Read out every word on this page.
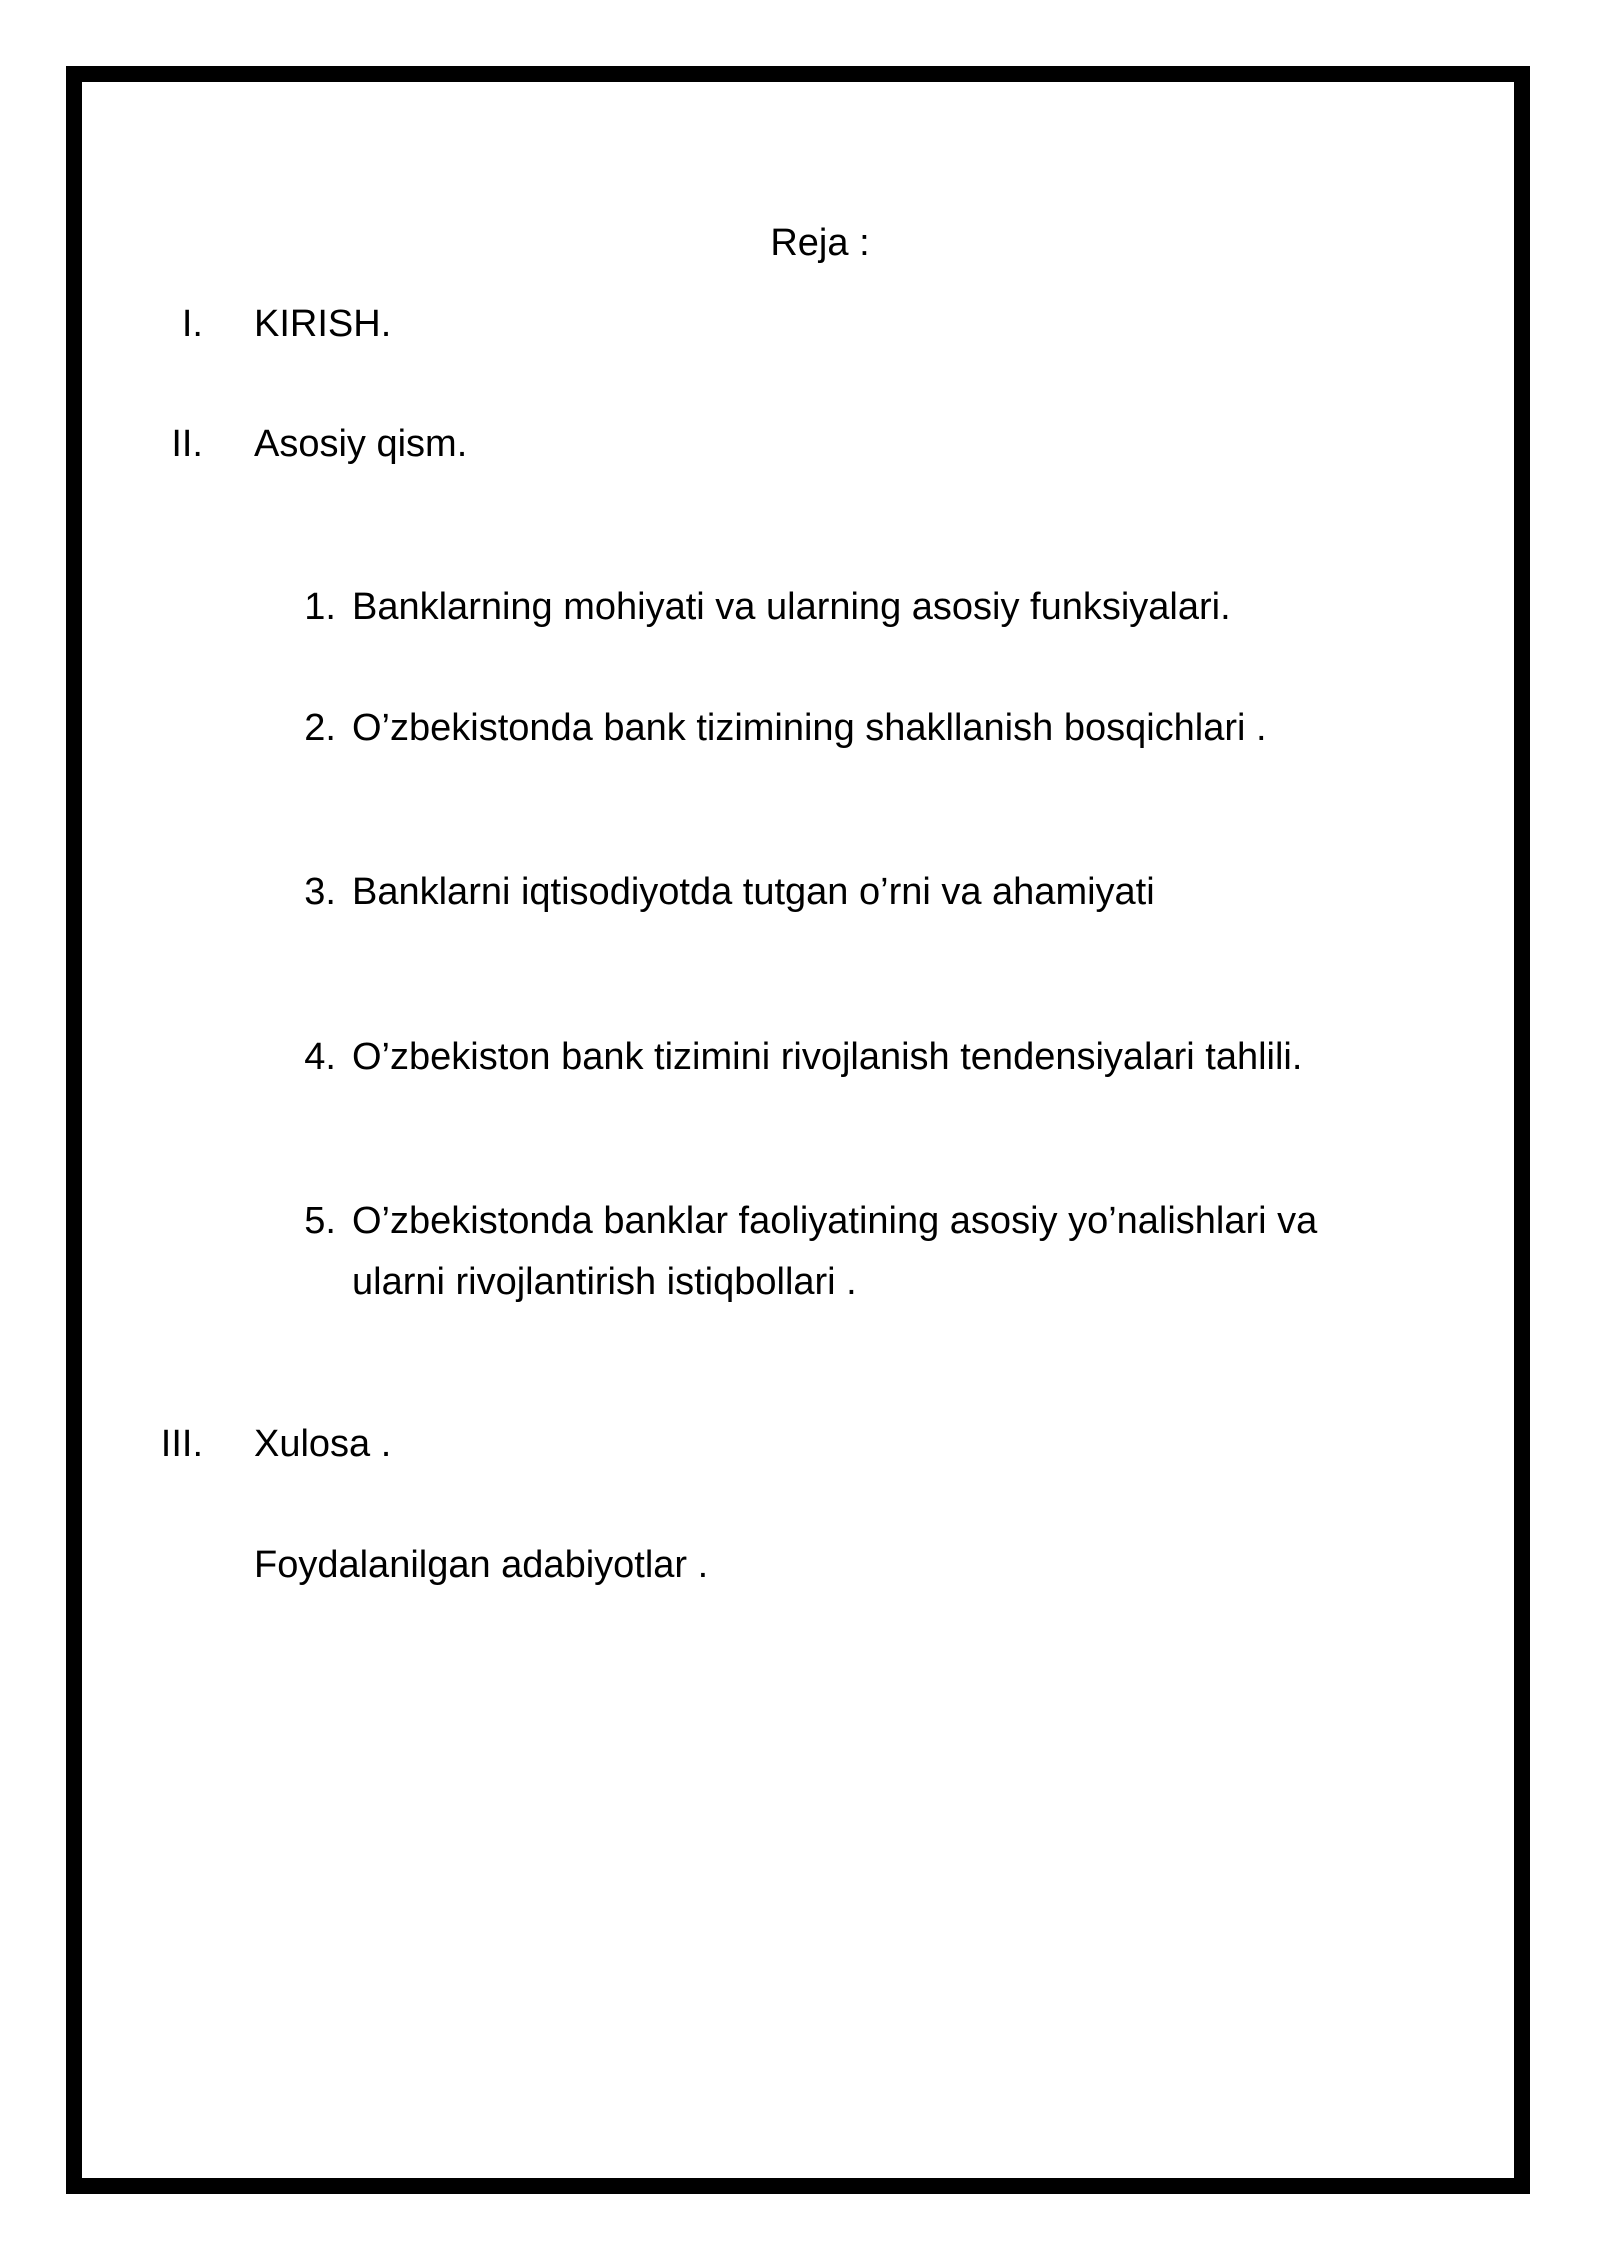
Reja :
I. KIRISH.
II. Asosiy qism.
1. Banklarning mohiyati va ularning asosiy funksiyalari.
2. O’zbekistonda bank tizimining shakllanish bosqichlari .
3. Banklarni iqtisodiyotda tutgan o’rni va ahamiyati
4. O’zbekiston bank tizimini rivojlanish tendensiyalari tahlili.
5. O’zbekistonda banklar faoliyatining asosiy yo’nalishlari va
ularni rivojlantirish istiqbollari .
III. Xulosa .
Foydalanilgan adabiyotlar .
